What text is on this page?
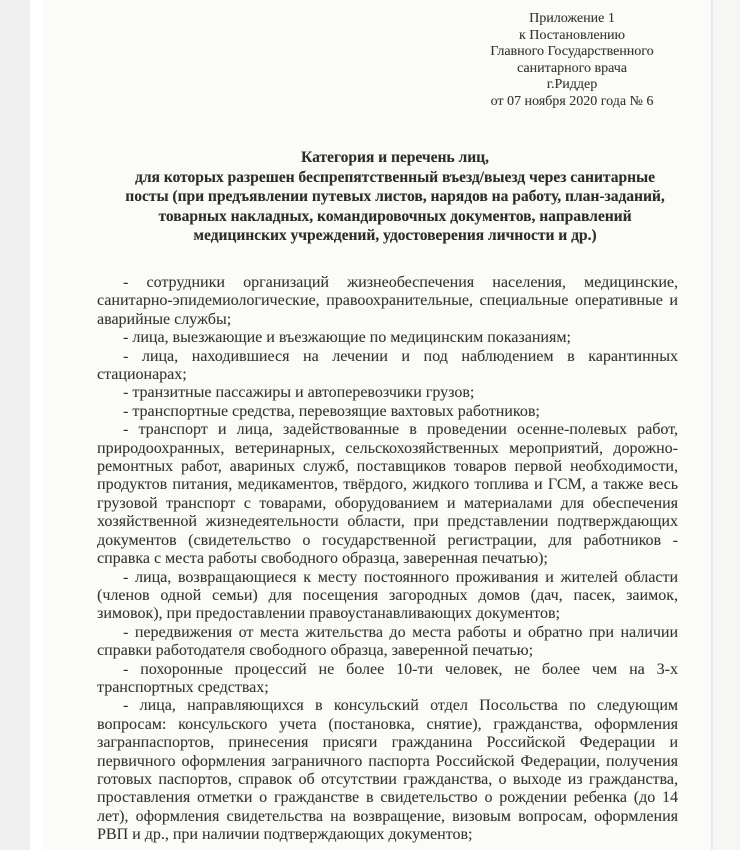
Приложение 1
к Постановлению
Главного Государственного
санитарного врача
г.Риддер
от 07 ноября 2020 года № 6
Категория и перечень лиц,
для которых разрешен беспрепятственный въезд/выезд через санитарные
посты (при предъявлении путевых листов, нарядов на работу, план-заданий,
товарных накладных, командировочных документов, направлений
медицинских учреждений, удостоверения личности и др.)

- сотрудники организаций жизнеобеспечения населения, медицинские, санитарно-эпидемиологические, правоохранительные, специальные оперативные и аварийные службы;

- лица, выезжающие и въезжающие по медицинским показаниям;

- лица, находившиеся на лечении и под наблюдением в карантинных стационарах;

- транзитные пассажиры и автоперевозчики грузов;

- транспортные средства, перевозящие вахтовых работников;

- транспорт и лица, задействованные в проведении осенне-полевых работ, природоохранных, ветеринарных, сельскохозяйственных мероприятий, дорожно-ремонтных работ, авариных служб, поставщиков товаров первой необходимости, продуктов питания, медикаментов, твёрдого, жидкого топлива и ГСМ, а также весь грузовой транспорт с товарами, оборудованием и материалами для обеспечения хозяйственной жизнедеятельности области, при представлении подтверждающих документов (свидетельство о государственной регистрации, для работников - справка с места работы свободного образца, заверенная печатью);

- лица, возвращающиеся к месту постоянного проживания и жителей области (членов одной семьи) для посещения загородных домов (дач, пасек, заимок, зимовок), при предоставлении правоустанавливающих документов;

- передвижения от места жительства до места работы и обратно при наличии справки работодателя свободного образца, заверенной печатью;

- похоронные процессий не более 10-ти человек, не более чем на 3-х транспортных средствах;

- лица, направляющихся в консульский отдел Посольства по следующим вопросам: консульского учета (постановка, снятие), гражданства, оформления загранпаспортов, принесения присяги гражданина Российской Федерации и первичного оформления заграничного паспорта Российской Федерации, получения готовых паспортов, справок об отсутствии гражданства, о выходе из гражданства, проставления отметки о гражданстве в свидетельство о рождении ребенка (до 14 лет), оформления свидетельства на возвращение, визовым вопросам, оформления РВП и др., при наличии подтверждающих документов;
